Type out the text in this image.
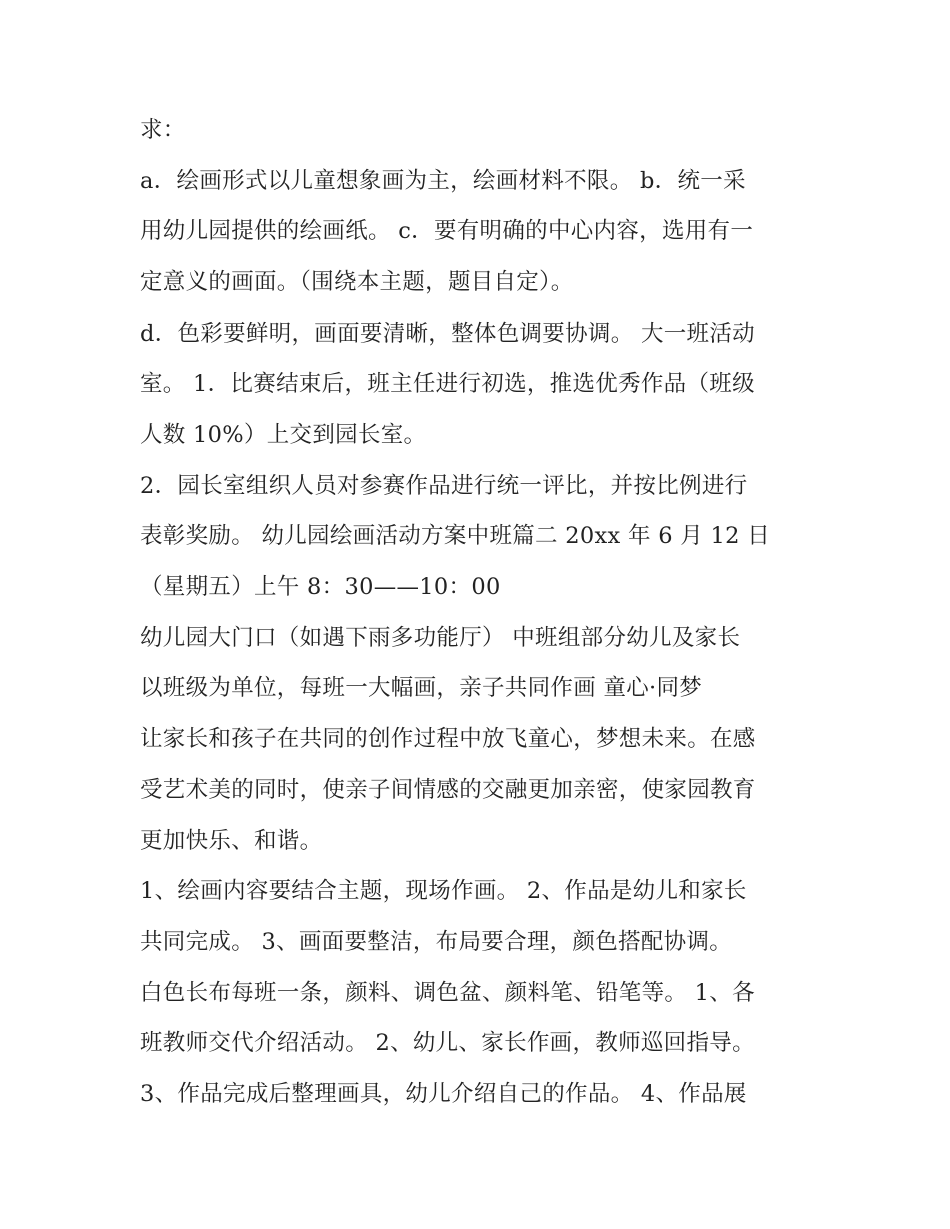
求：
a．绘画形式以儿童想象画为主，绘画材料不限。 b．统一采
用幼儿园提供的绘画纸。 c．要有明确的中心内容，选用有一
定意义的画面。（围绕本主题，题目自定）。
d．色彩要鲜明，画面要清晰，整体色调要协调。 大一班活动
室。 1．比赛结束后，班主任进行初选，推选优秀作品（班级
人数 10%）上交到园长室。
2．园长室组织人员对参赛作品进行统一评比，并按比例进行
表彰奖励。 幼儿园绘画活动方案中班篇二 20xx 年 6 月 12 日
（星期五）上午 8：30——10：00
幼儿园大门口（如遇下雨多功能厅） 中班组部分幼儿及家长
以班级为单位，每班一大幅画，亲子共同作画 童心·同梦
让家长和孩子在共同的创作过程中放飞童心，梦想未来。在感
受艺术美的同时，使亲子间情感的交融更加亲密，使家园教育
更加快乐、和谐。
1、绘画内容要结合主题，现场作画。 2、作品是幼儿和家长
共同完成。 3、画面要整洁，布局要合理，颜色搭配协调。
白色长布每班一条，颜料、调色盆、颜料笔、铅笔等。 1、各
班教师交代介绍活动。 2、幼儿、家长作画，教师巡回指导。
3、作品完成后整理画具，幼儿介绍自己的作品。 4、作品展
